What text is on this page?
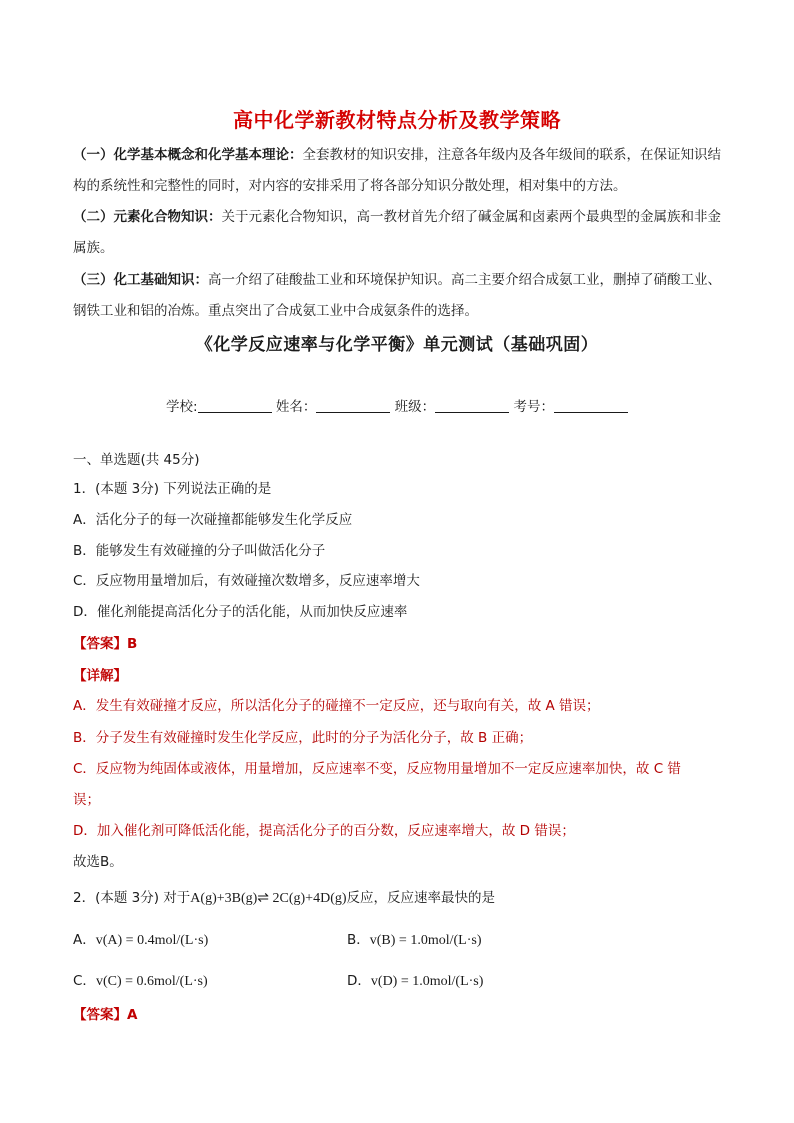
高中化学新教材特点分析及教学策略
（一）化学基本概念和化学基本理论：全套教材的知识安排，注意各年级内及各年级间的联系，在保证知识结构的系统性和完整性的同时，对内容的安排采用了将各部分知识分散处理，相对集中的方法。
（二）元素化合物知识：关于元素化合物知识，高一教材首先介绍了碱金属和卤素两个最典型的金属族和非金属族。
（三）化工基础知识：高一介绍了硅酸盐工业和环境保护知识。高二主要介绍合成氨工业，删掉了硝酸工业、钢铁工业和铝的冶炼。重点突出了合成氨工业中合成氨条件的选择。
《化学反应速率与化学平衡》单元测试（基础巩固）
学校:	姓名：	班级：	考号：
一、单选题(共 45分)
1．(本题 3分) 下列说法正确的是
A．活化分子的每一次碰撞都能够发生化学反应
B．能够发生有效碰撞的分子叫做活化分子
C．反应物用量增加后，有效碰撞次数增多，反应速率增大
D．催化剂能提高活化分子的活化能，从而加快反应速率
【答案】B
【详解】
A．发生有效碰撞才反应，所以活化分子的碰撞不一定反应，还与取向有关，故 A 错误；
B．分子发生有效碰撞时发生化学反应，此时的分子为活化分子，故 B 正确；
C．反应物为纯固体或液体，用量增加，反应速率不变，反应物用量增加不一定反应速率加快，故 C 错
误；
D．加入催化剂可降低活化能，提高活化分子的百分数，反应速率增大，故 D 错误；
故选B。
2．(本题 3分) 对于A(g)+3B(g)⇌ 2C(g)+4D(g)反应，反应速率最快的是
A．v(A) = 0.4mol/(L·s)	B．v(B) = 1.0mol/(L·s)
C．v(C) = 0.6mol/(L·s)	D．v(D) = 1.0mol/(L·s)
【答案】A
